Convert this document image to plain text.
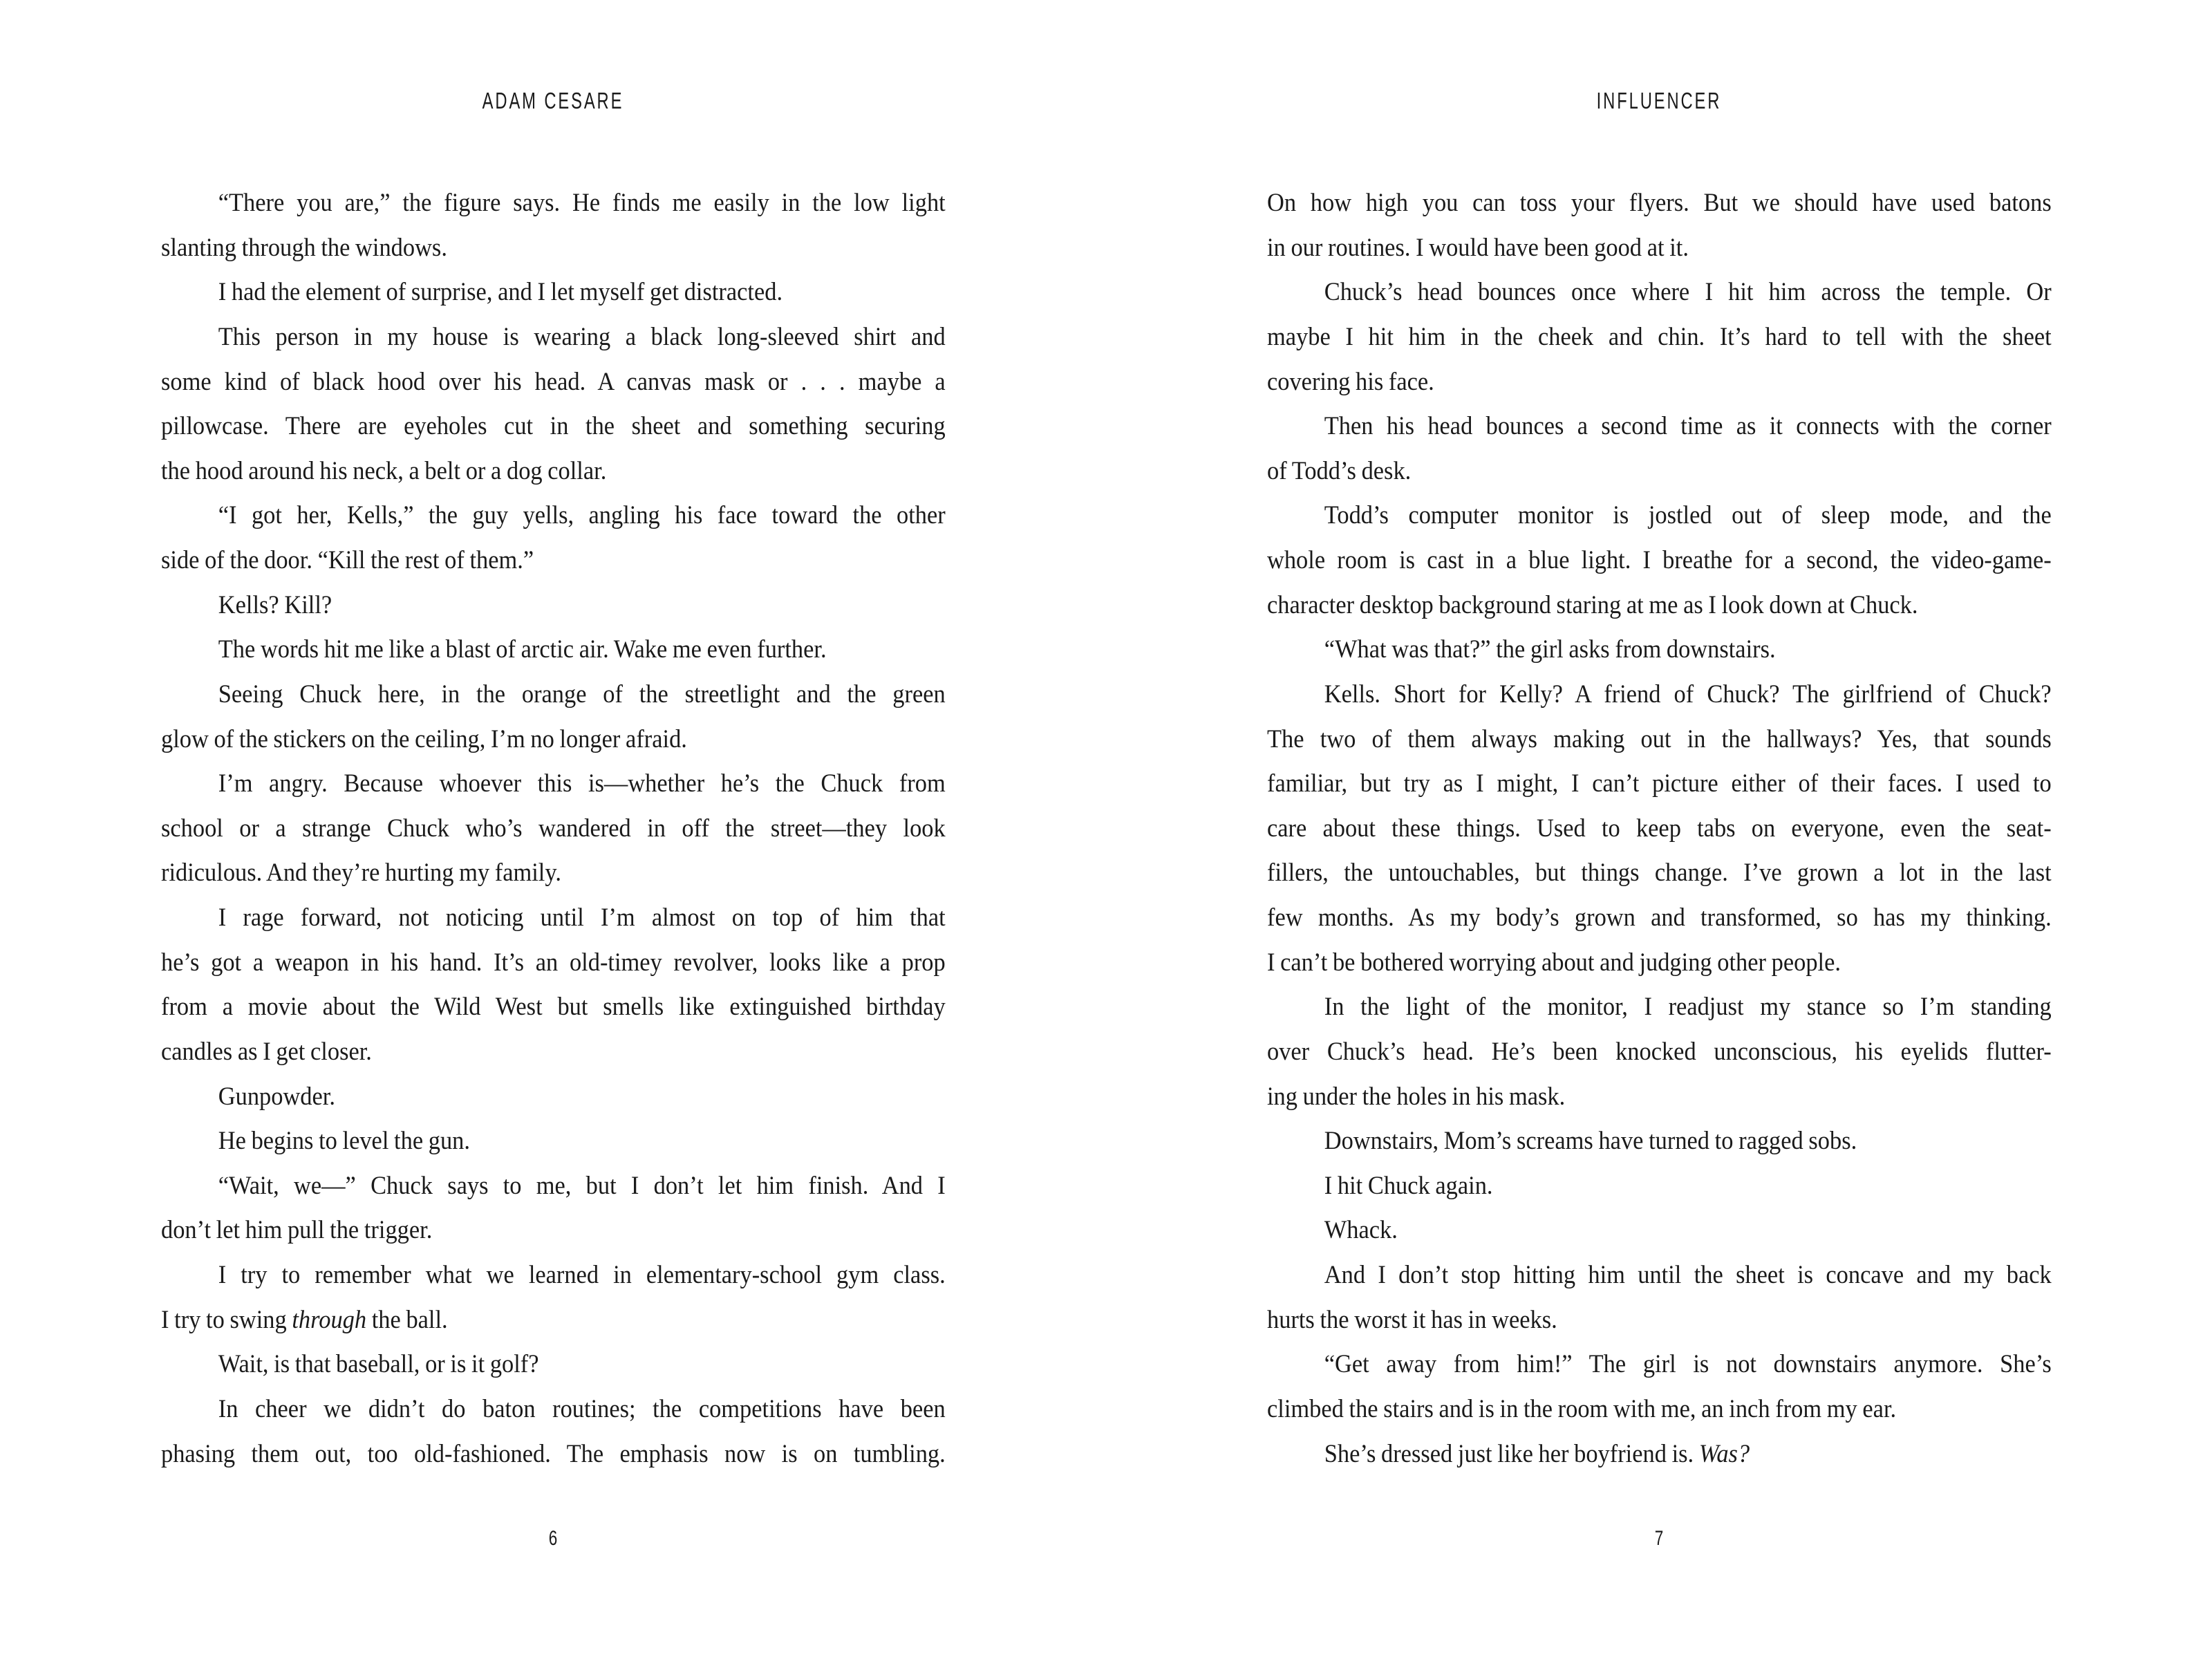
ADAM CESARE
“There you are,” the figure says. He finds me easily in the low light
slanting through the windows.
I had the element of surprise, and I let myself get distracted.
This person in my house is wearing a black long-sleeved shirt and
some kind of black hood over his head. A canvas mask or . . . maybe a
pillowcase. There are eyeholes cut in the sheet and something securing
the hood around his neck, a belt or a dog collar.
“I got her, Kells,” the guy yells, angling his face toward the other
side of the door. “Kill the rest of them.”
Kells? Kill?
The words hit me like a blast of arctic air. Wake me even further.
Seeing Chuck here, in the orange of the streetlight and the green
glow of the stickers on the ceiling, I’m no longer afraid.
I’m angry. Because whoever this is—whether he’s the Chuck from
school or a strange Chuck who’s wandered in off the street—they look
ridiculous. And they’re hurting my family.
I rage forward, not noticing until I’m almost on top of him that
he’s got a weapon in his hand. It’s an old-timey revolver, looks like a prop
from a movie about the Wild West but smells like extinguished birthday
candles as I get closer.
Gunpowder.
He begins to level the gun.
“Wait, we—” Chuck says to me, but I don’t let him finish. And I
don’t let him pull the trigger.
I try to remember what we learned in elementary-school gym class.
I try to swing through the ball.
Wait, is that baseball, or is it golf?
In cheer we didn’t do baton routines; the competitions have been
phasing them out, too old-fashioned. The emphasis now is on tumbling.
6
INFLUENCER
On how high you can toss your flyers. But we should have used batons
in our routines. I would have been good at it.
Chuck’s head bounces once where I hit him across the temple. Or
maybe I hit him in the cheek and chin. It’s hard to tell with the sheet
covering his face.
Then his head bounces a second time as it connects with the corner
of Todd’s desk.
Todd’s computer monitor is jostled out of sleep mode, and the
whole room is cast in a blue light. I breathe for a second, the video-game-
character desktop background staring at me as I look down at Chuck.
“What was that?” the girl asks from downstairs.
Kells. Short for Kelly? A friend of Chuck? The girlfriend of Chuck?
The two of them always making out in the hallways? Yes, that sounds
familiar, but try as I might, I can’t picture either of their faces. I used to
care about these things. Used to keep tabs on everyone, even the seat-
fillers, the untouchables, but things change. I’ve grown a lot in the last
few months. As my body’s grown and transformed, so has my thinking.
I can’t be bothered worrying about and judging other people.
In the light of the monitor, I readjust my stance so I’m standing
over Chuck’s head. He’s been knocked unconscious, his eyelids flutter-
ing under the holes in his mask.
Downstairs, Mom’s screams have turned to ragged sobs.
I hit Chuck again.
Whack.
And I don’t stop hitting him until the sheet is concave and my back
hurts the worst it has in weeks.
“Get away from him!” The girl is not downstairs anymore. She’s
climbed the stairs and is in the room with me, an inch from my ear.
She’s dressed just like her boyfriend is. Was?
7
